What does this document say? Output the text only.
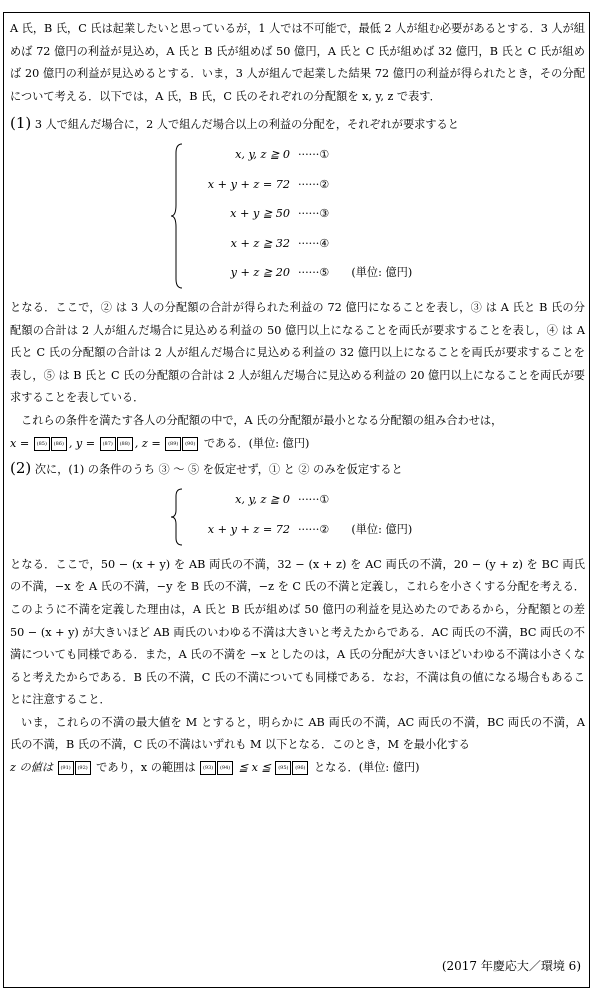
A 氏，B 氏，C 氏は起業したいと思っているが，1 人では不可能で，最低 2 人が組む必要があるとする．3 人が組めば 72 億円の利益が見込め，A 氏と B 氏が組めば 50 億円，A 氏と C 氏が組めば 32 億円，B 氏と C 氏が組めば 20 億円の利益が見込めるとする．いま，3 人が組んで起業した結果 72 億円の利益が得られたとき，その分配について考える．以下では，A 氏，B 氏，C 氏のそれぞれの分配額を x, y, z で表す．

(1) 3 人で組んだ場合に，2 人で組んだ場合以上の利益の分配を，それぞれが要求すると

x, y, z ≧ 0 ······①
x + y + z = 72 ······②
x + y ≧ 50 ······③
x + z ≧ 32 ······④
y + z ≧ 20 ······⑤ (単位: 億円)

となる．ここで，② は 3 人の分配額の合計が得られた利益の 72 億円になることを表し，③ は A 氏と B 氏の分配額の合計は 2 人が組んだ場合に見込める利益の 50 億円以上になることを両氏が要求することを表し，④ は A 氏と C 氏の分配額の合計は 2 人が組んだ場合に見込める利益の 32 億円以上になることを両氏が要求することを表し，⑤ は B 氏と C 氏の分配額の合計は 2 人が組んだ場合に見込める利益の 20 億円以上になることを両氏が要求することを表している．

これらの条件を満たす各人の分配額の中で，A 氏の分配額が最小となる分配額の組み合わせは，

x =	(85)	(86) , y =	(87)	(88) , z =	(89)	(90) である．(単位: 億円)

(2) 次に，(1) の条件のうち ③ ～ ⑤ を仮定せず，① と ② のみを仮定すると

x, y, z ≧ 0 ······①
x + y + z = 72 ······② (単位: 億円)

となる．ここで，50 − (x + y) を AB 両氏の不満，32 − (x + z) を AC 両氏の不満，20 − (y + z) を BC 両氏の不満，−x を A 氏の不満，−y を B 氏の不満，−z を C 氏の不満と定義し，これらを小さくする分配を考える．このように不満を定義した理由は，A 氏と B 氏が組めば 50 億円の利益を見込めたのであるから，分配額との差 50 − (x + y) が大きいほど AB 両氏のいわゆる不満は大きいと考えたからである．AC 両氏の不満，BC 両氏の不満についても同様である．また，A 氏の不満を −x としたのは，A 氏の分配が大きいほどいわゆる不満は小さくなると考えたからである．B 氏の不満，C 氏の不満についても同様である．なお，不満は負の値になる場合もあることに注意すること．

いま，これらの不満の最大値を M とすると，明らかに AB 両氏の不満，AC 両氏の不満，BC 両氏の不満，A 氏の不満，B 氏の不満，C 氏の不満はいずれも M 以下となる．このとき，M を最小化する

z の値は	(91)	(92) であり，x の範囲は	(93)	(94) ≦ x ≦	(95)	(96) となる．(単位: 億円)

(2017 年慶応大／環境 6)
